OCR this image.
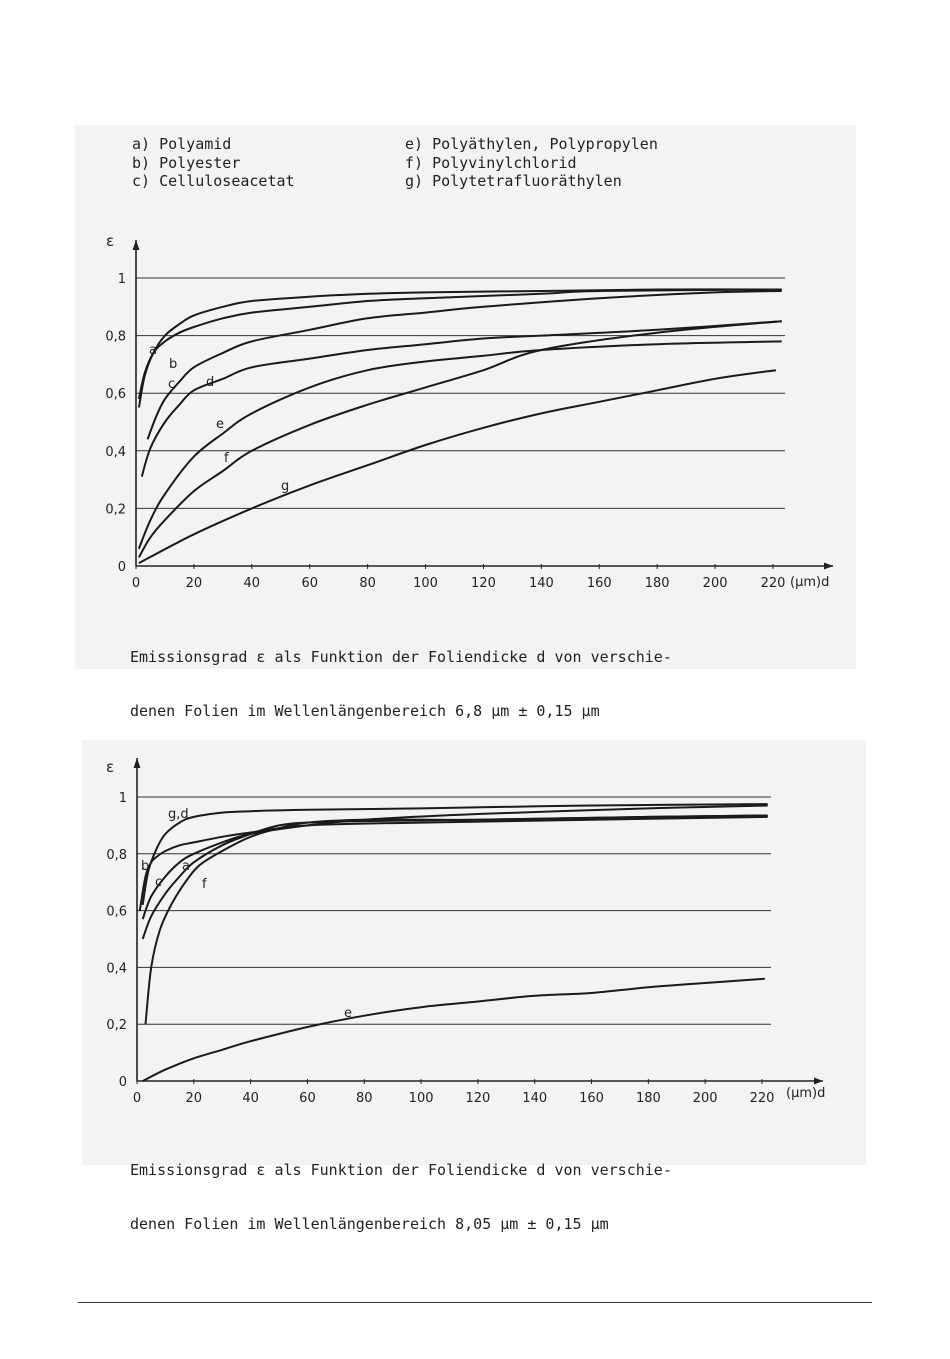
a) Polyamid
b) Polyester
c) Celluloseacetat
e) Polyäthylen, Polypropylen
f) Polyvinylchlorid
g) Polytetrafluoräthylen

Emissionsgrad ε als Funktion der Foliendicke d von verschie-

denen Folien im Wellenlängenbereich 6,8 μm ± 0,15 μm

Emissionsgrad ε als Funktion der Foliendicke d von verschie-

denen Folien im Wellenlängenbereich 8,05 μm ± 0,15 μm

0
0,2
0,4
0,6
0,8
1
0	20	40	60	80	100	120	140	160	180	200	220
ε
(μm)d
a
b
c d
e
f
g
0
0,2
0,4
0,6
0,8
1
0	20	40	60	80	100 120 140 160 180 200 220
ε
(μm)d
g,d
b
c
a
f
e
